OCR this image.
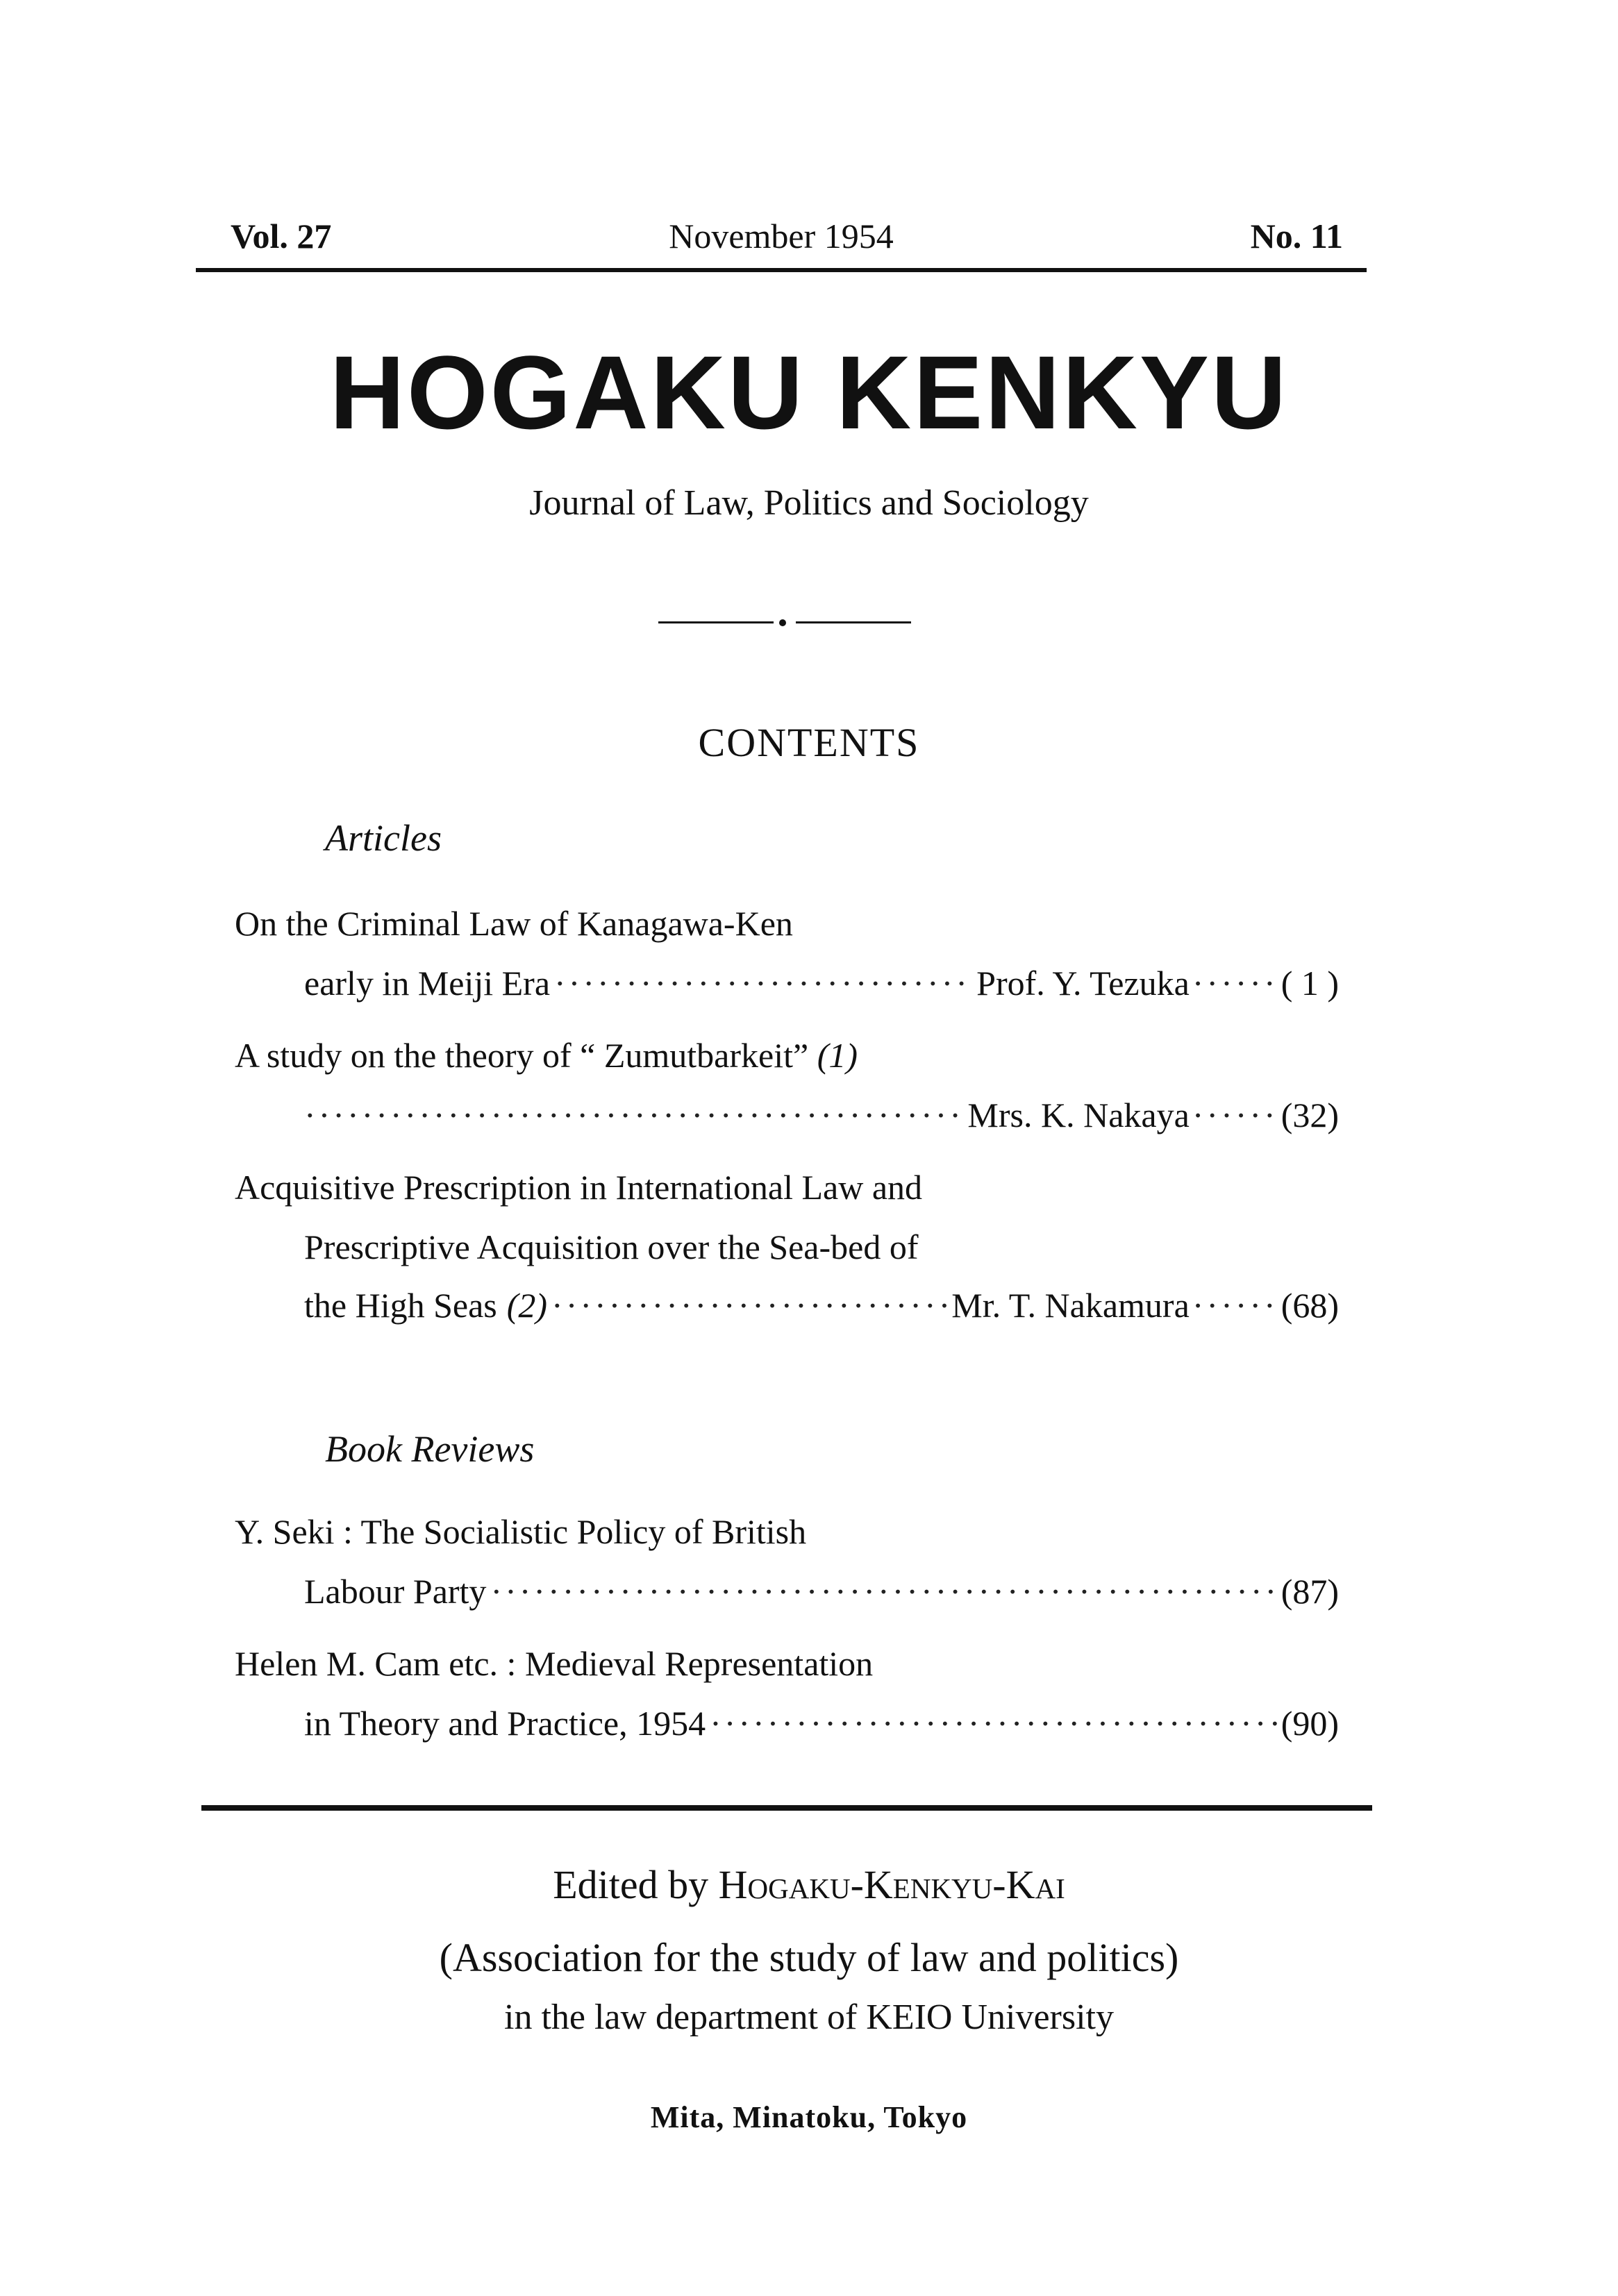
Vol. 27	November 1954	No. 11
HOGAKU KENKYU
Journal of Law, Politics and Sociology
CONTENTS
Articles
On the Criminal Law of Kanagawa-Ken
early in Meiji Era ·····	Prof. Y. Tezuka ······ ( 1 )
A study on the theory of “ Zumutbarkeit” (1)
·····
Mrs. K. Nakaya ······ (32)
Acquisitive Prescription in International Law and
Prescriptive Acquisition over the Sea-bed of
the High Seas (2) ·····	Mr. T. Nakamura ······ (68)
Book Reviews
Y. Seki : The Socialistic Policy of British
Labour Party ·····	(87)
Helen M. Cam etc. : Medieval Representation
in Theory and Practice, 1954 ·····	(90)
Edited by Hogaku-Kenkyu-Kai
(Association for the study of law and politics)
in the law department of KEIO University
Mita, Minatoku, Tokyo
